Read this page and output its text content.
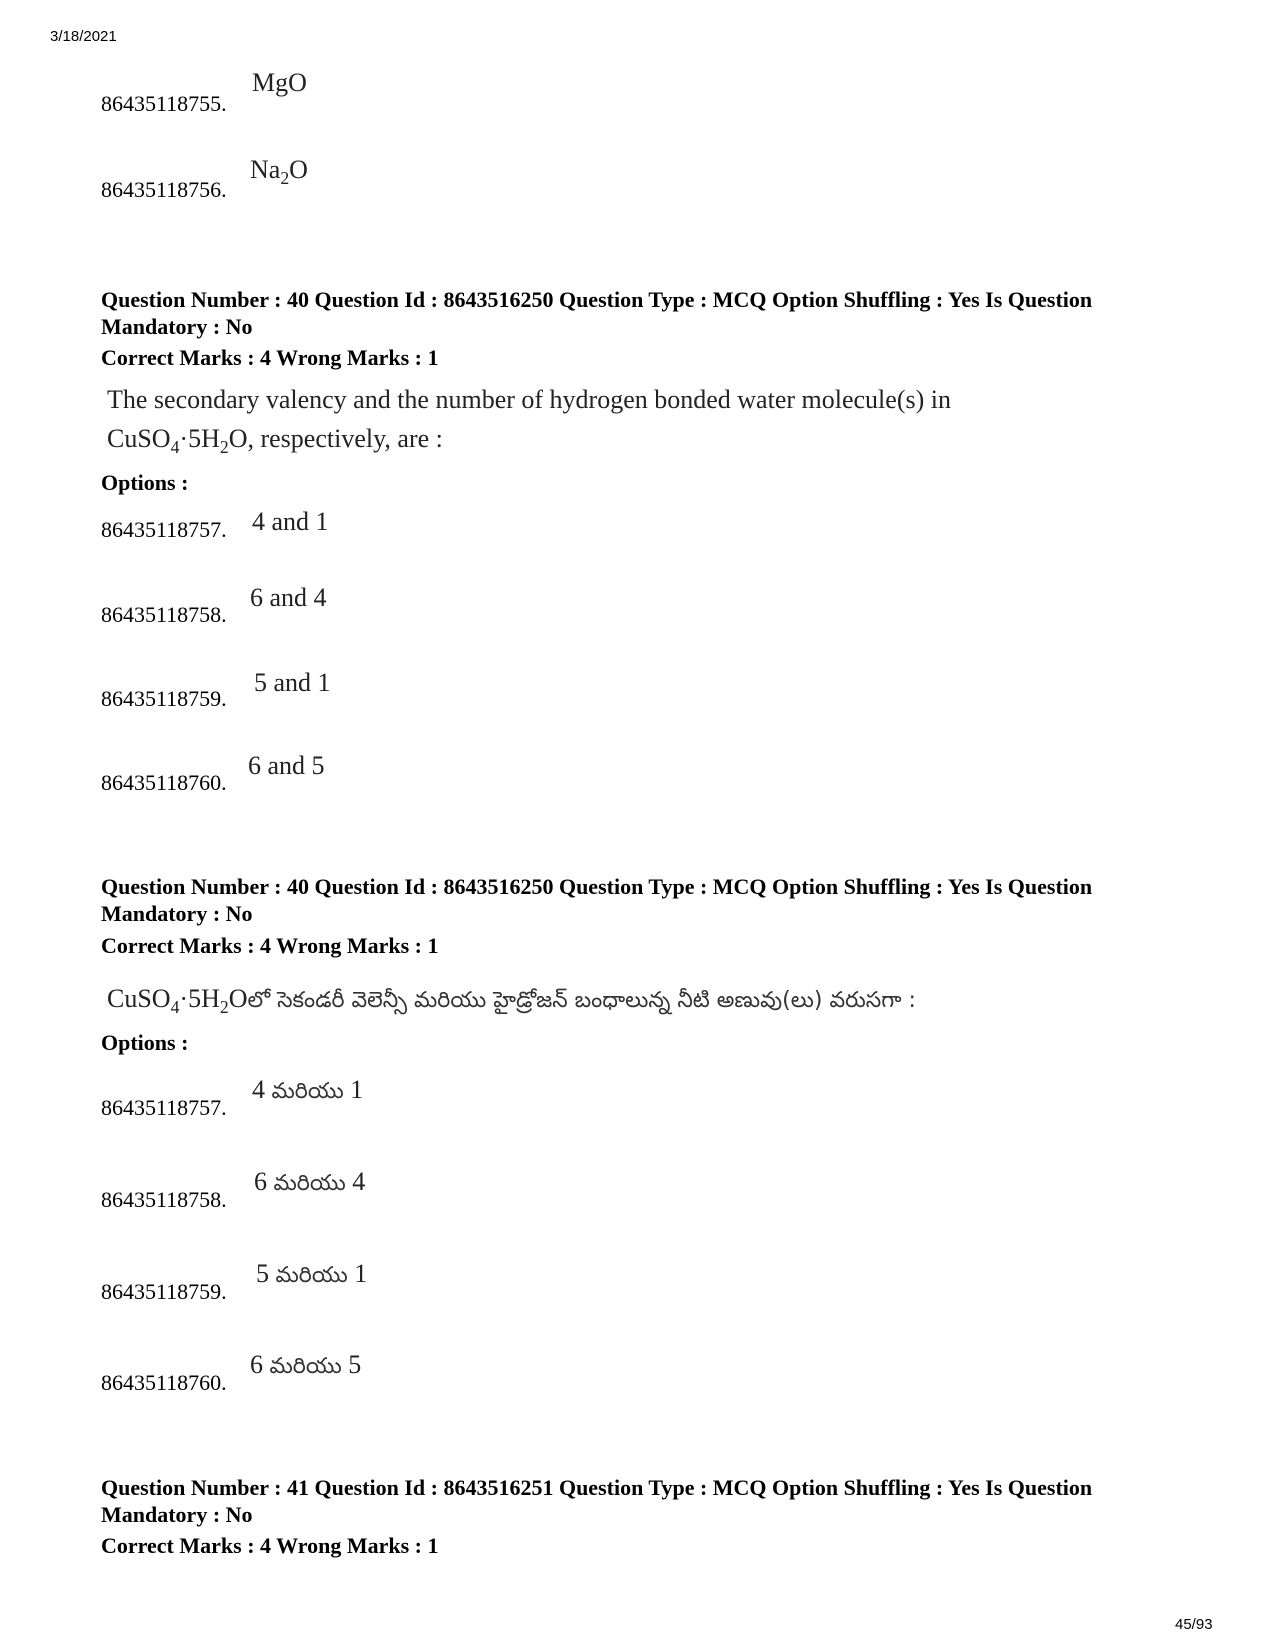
3/18/2021
45/93
86435118755.
MgO
86435118756.
$Na_2O$
Question Number : 40 Question Id : 8643516250 Question Type : MCQ Option Shuffling : Yes Is Question Mandatory : No
Correct Marks : 4 Wrong Marks : 1
The secondary valency and the number of hydrogen bonded water molecule(s) in
$CuSO_4\cdot 5H_2O$, respectively, are :
Options :
86435118757. 4 and 1
86435118758.
6 and 4
86435118759.
5 and 1
86435118760.
6 and 5
Question Number : 40 Question Id : 8643516250 Question Type : MCQ Option Shuffling : Yes Is Question Mandatory : No
Correct Marks : 4 Wrong Marks : 1
$CuSO_4\cdot 5H_2Oలో$ సెకండరీ వెలెన్సీ మరియు హైడ్రోజన్ బంధాలున్న నీటి అణువు(లు) వరుసగా :
Options :
86435118757.
4 మరియు 1
86435118758.
6 మరియు 4
86435118759.
5 మరియు 1
86435118760.
6 మరియు 5
Question Number : 41 Question Id : 8643516251 Question Type : MCQ Option Shuffling : Yes Is Question Mandatory : No
Correct Marks : 4 Wrong Marks : 1
